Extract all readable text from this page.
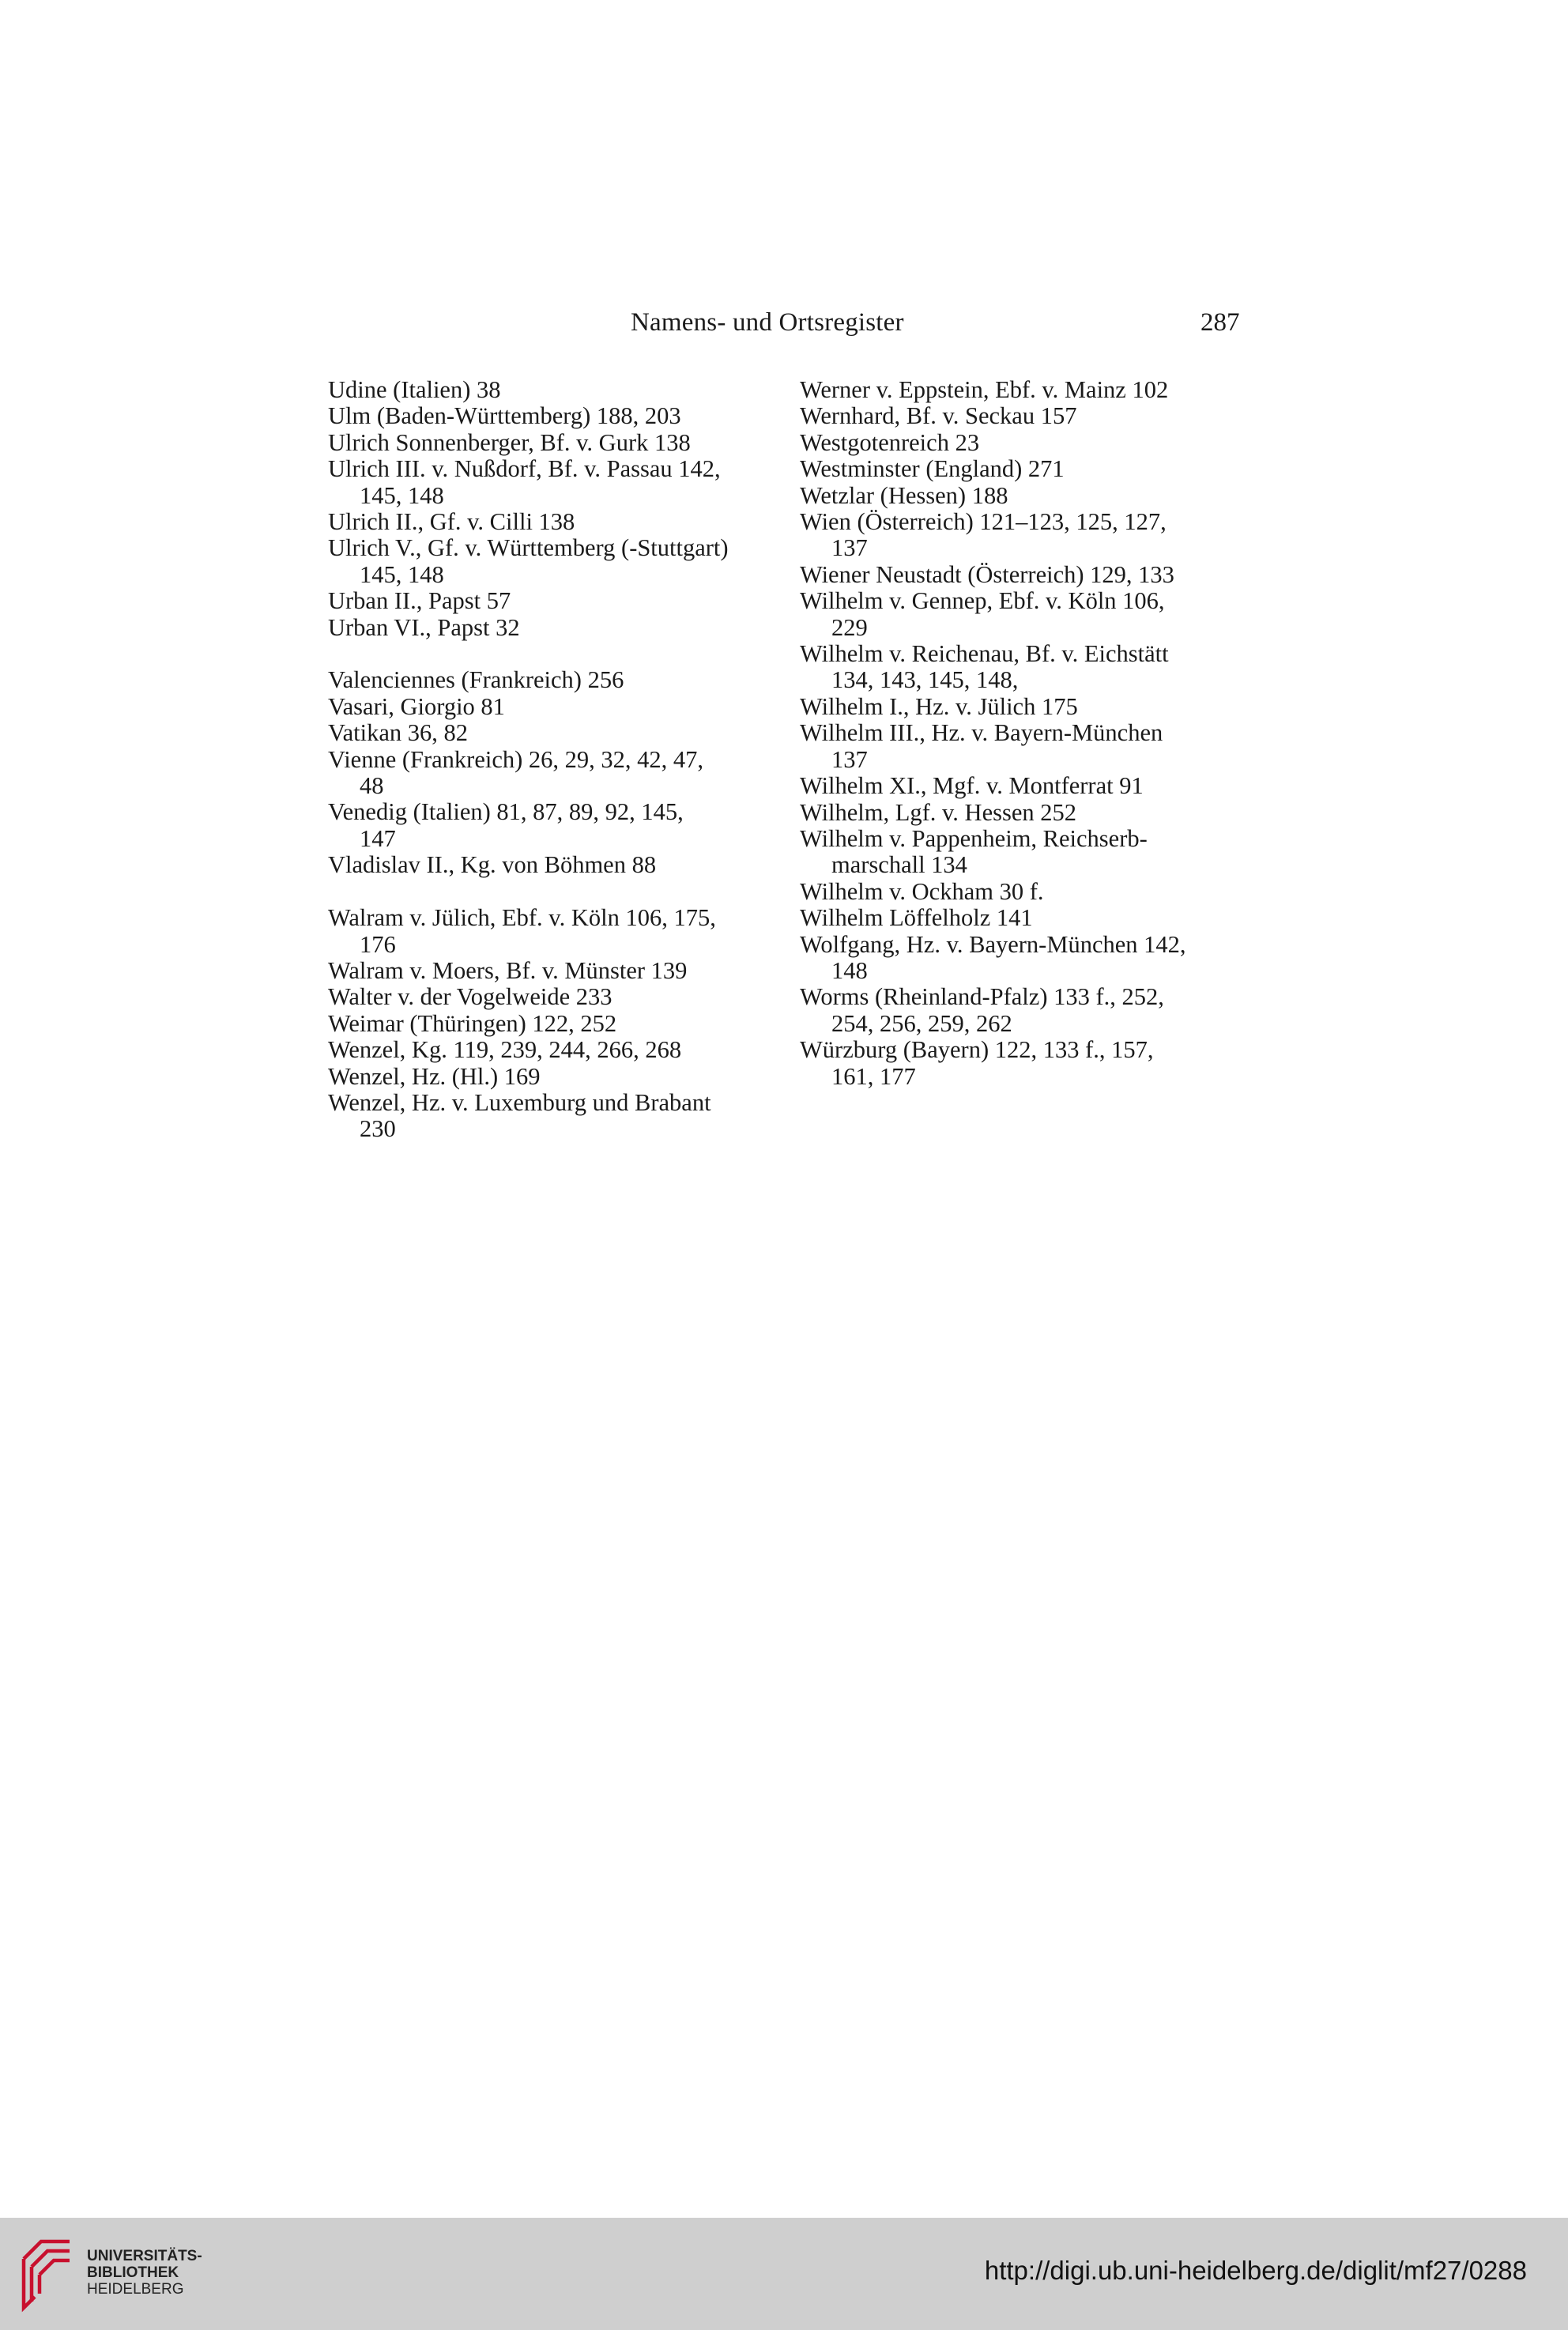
Namens- und Ortsregister	287
Udine (Italien) 38
Ulm (Baden-Württemberg) 188, 203
Ulrich Sonnenberger, Bf. v. Gurk 138
Ulrich III. v. Nußdorf, Bf. v. Passau 142,
145, 148
Ulrich II., Gf. v. Cilli 138
Ulrich V., Gf. v. Württemberg (-Stuttgart)
145, 148
Urban II., Papst 57
Urban VI., Papst 32
Valenciennes (Frankreich) 256
Vasari, Giorgio 81
Vatikan 36, 82
Vienne (Frankreich) 26, 29, 32, 42, 47,
48
Venedig (Italien) 81, 87, 89, 92, 145,
147
Vladislav II., Kg. von Böhmen 88
Walram v. Jülich, Ebf. v. Köln 106, 175,
176
Walram v. Moers, Bf. v. Münster 139
Walter v. der Vogelweide 233
Weimar (Thüringen) 122, 252
Wenzel, Kg. 119, 239, 244, 266, 268
Wenzel, Hz. (Hl.) 169
Wenzel, Hz. v. Luxemburg und Brabant
230
Werner v. Eppstein, Ebf. v. Mainz 102
Wernhard, Bf. v. Seckau 157
Westgotenreich 23
Westminster (England) 271
Wetzlar (Hessen) 188
Wien (Österreich) 121–123, 125, 127,
137
Wiener Neustadt (Österreich) 129, 133
Wilhelm v. Gennep, Ebf. v. Köln 106,
229
Wilhelm v. Reichenau, Bf. v. Eichstätt
134, 143, 145, 148,
Wilhelm I., Hz. v. Jülich 175
Wilhelm III., Hz. v. Bayern-München
137
Wilhelm XI., Mgf. v. Montferrat 91
Wilhelm, Lgf. v. Hessen 252
Wilhelm v. Pappenheim, Reichserb-
marschall 134
Wilhelm v. Ockham 30 f.
Wilhelm Löffelholz 141
Wolfgang, Hz. v. Bayern-München 142,
148
Worms (Rheinland-Pfalz) 133 f., 252,
254, 256, 259, 262
Würzburg (Bayern) 122, 133 f., 157,
161, 177
UNIVERSITÄTS-
BIBLIOTHEK
HEIDELBERG
http://digi.ub.uni-heidelberg.de/diglit/mf27/0288
